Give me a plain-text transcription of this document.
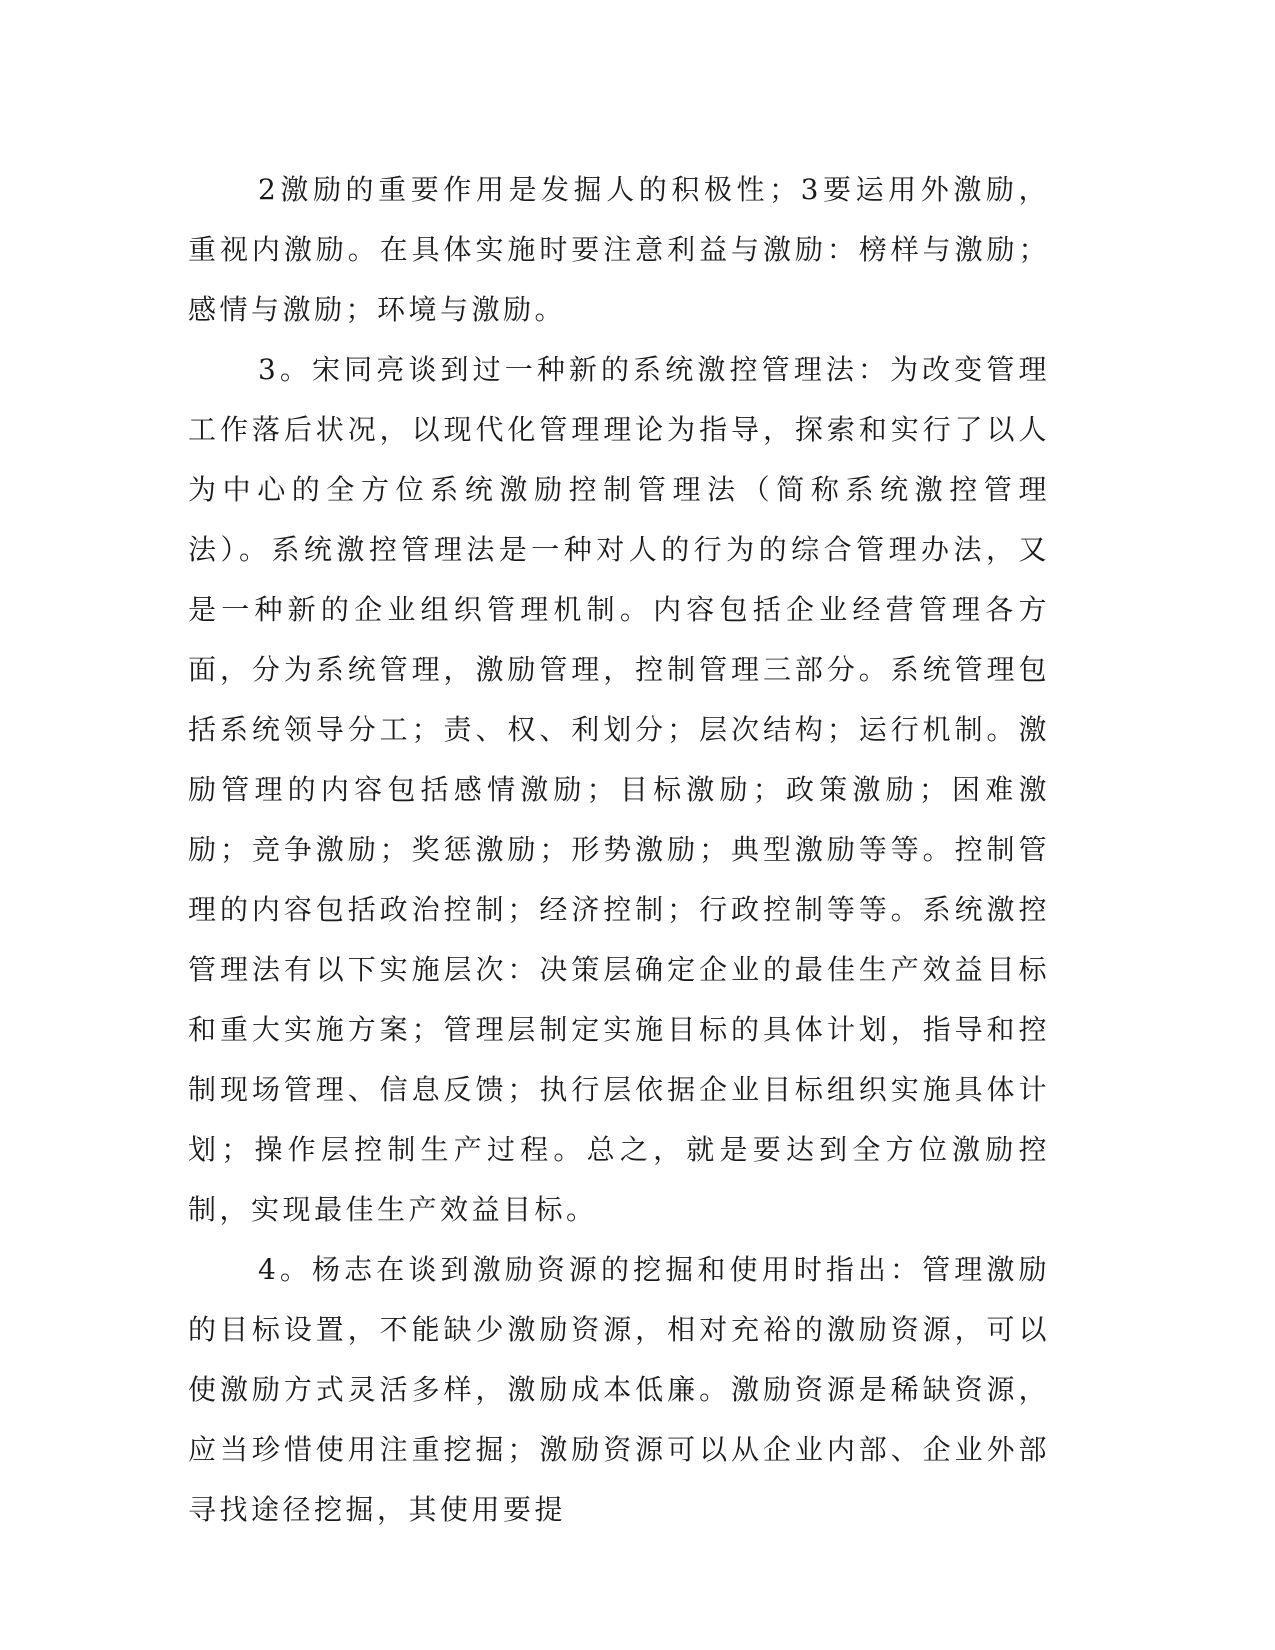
2激励的重要作用是发掘人的积极性；3要运用外激励，重视内激励。在具体实施时要注意利益与激励：榜样与激励；感情与激励；环境与激励。

3。宋同亮谈到过一种新的系统激控管理法：为改变管理工作落后状况，以现代化管理理论为指导，探索和实行了以人为中心的全方位系统激励控制管理法（简称系统激控管理法）。系统激控管理法是一种对人的行为的综合管理办法，又是一种新的企业组织管理机制。内容包括企业经营管理各方面，分为系统管理，激励管理，控制管理三部分。系统管理包括系统领导分工；责、权、利划分；层次结构；运行机制。激励管理的内容包括感情激励；目标激励；政策激励；困难激励；竞争激励；奖惩激励；形势激励；典型激励等等。控制管理的内容包括政治控制；经济控制；行政控制等等。系统激控管理法有以下实施层次：决策层确定企业的最佳生产效益目标和重大实施方案；管理层制定实施目标的具体计划，指导和控制现场管理、信息反馈；执行层依据企业目标组织实施具体计划；操作层控制生产过程。总之，就是要达到全方位激励控制，实现最佳生产效益目标。

4。杨志在谈到激励资源的挖掘和使用时指出：管理激励的目标设置，不能缺少激励资源，相对充裕的激励资源，可以使激励方式灵活多样，激励成本低廉。激励资源是稀缺资源，应当珍惜使用注重挖掘；激励资源可以从企业内部、企业外部寻找途径挖掘，其使用要提
